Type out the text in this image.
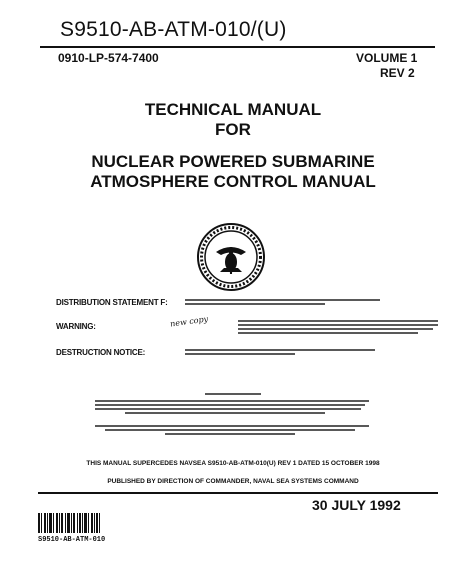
S9510-AB-ATM-010/(U)
0910-LP-574-7400	VOLUME 1
REV 2
TECHNICAL MANUAL
FOR
NUCLEAR POWERED SUBMARINE
ATMOSPHERE CONTROL MANUAL
DISTRIBUTION STATEMENT F:
WARNING:	new copy
DESTRUCTION NOTICE:
THIS MANUAL SUPERCEDES NAVSEA S9510-AB-ATM-010(U) REV 1 DATED 15 OCTOBER 1998
PUBLISHED BY DIRECTION OF COMMANDER, NAVAL SEA SYSTEMS COMMAND
30 JULY 1992
S9510-AB-ATM-010
